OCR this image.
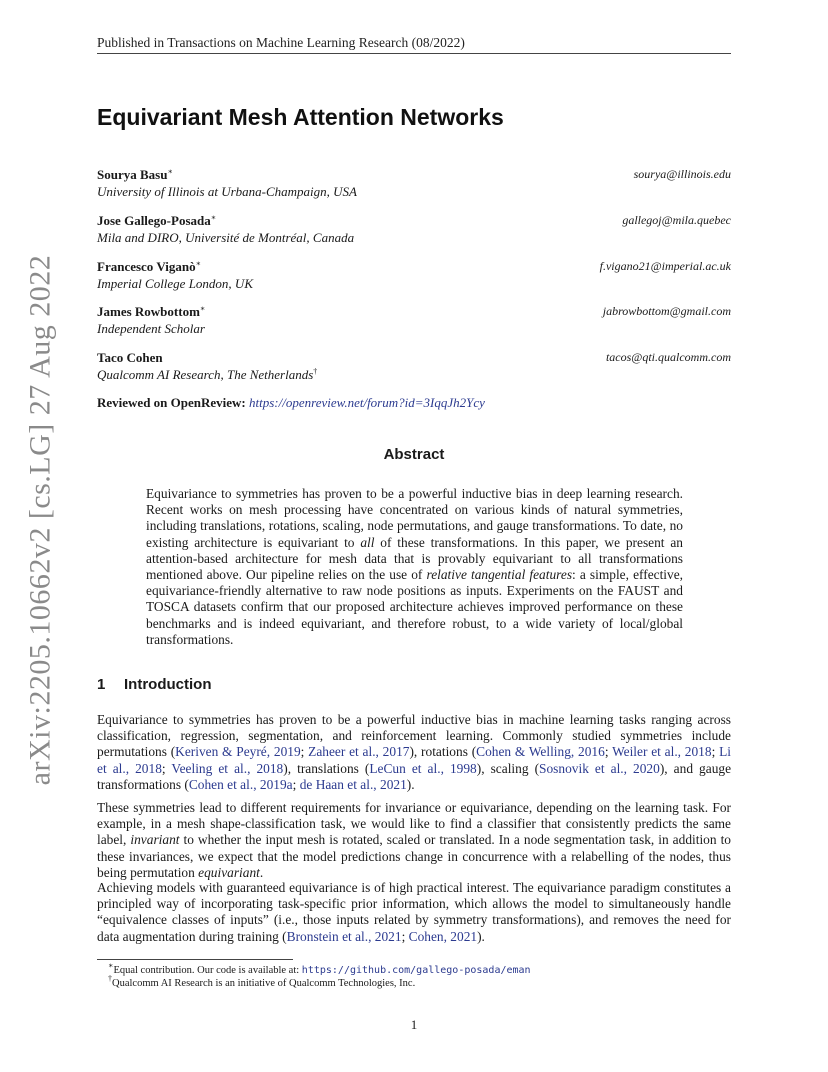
arXiv:2205.10662v2 [cs.LG] 27 Aug 2022
Published in Transactions on Machine Learning Research (08/2022)
Equivariant Mesh Attention Networks
Sourya Basu∗
University of Illinois at Urbana-Champaign, USA
sourya@illinois.edu
Jose Gallego-Posada∗
Mila and DIRO, Université de Montréal, Canada
gallegoj@mila.quebec
Francesco Viganò∗
Imperial College London, UK
f.vigano21@imperial.ac.uk
James Rowbottom∗
Independent Scholar
jabrowbottom@gmail.com
Taco Cohen
Qualcomm AI Research, The Netherlands†
tacos@qti.qualcomm.com
Reviewed on OpenReview: https://openreview.net/forum?id=3IqqJh2Ycy
Abstract

Equivariance to symmetries has proven to be a powerful inductive bias in deep learning research. Recent works on mesh processing have concentrated on various kinds of natural symmetries, including translations, rotations, scaling, node permutations, and gauge transformations. To date, no existing architecture is equivariant to all of these transformations. In this paper, we present an attention-based architecture for mesh data that is provably equivariant to all transformations mentioned above. Our pipeline relies on the use of relative tangential features: a simple, effective, equivariance-friendly alternative to raw node positions as inputs. Experiments on the FAUST and TOSCA datasets confirm that our proposed architecture achieves improved performance on these benchmarks and is indeed equivariant, and therefore robust, to a wide variety of local/global transformations.

1 Introduction

Equivariance to symmetries has proven to be a powerful inductive bias in machine learning tasks ranging across classification, regression, segmentation, and reinforcement learning. Commonly studied symmetries include permutations (Keriven & Peyré, 2019; Zaheer et al., 2017), rotations (Cohen & Welling, 2016; Weiler et al., 2018; Li et al., 2018; Veeling et al., 2018), translations (LeCun et al., 1998), scaling (Sosnovik et al., 2020), and gauge transformations (Cohen et al., 2019a; de Haan et al., 2021).

These symmetries lead to different requirements for invariance or equivariance, depending on the learning task. For example, in a mesh shape-classification task, we would like to find a classifier that consistently predicts the same label, invariant to whether the input mesh is rotated, scaled or translated. In a node segmentation task, in addition to these invariances, we expect that the model predictions change in concurrence with a relabelling of the nodes, thus being permutation equivariant.

Achieving models with guaranteed equivariance is of high practical interest. The equivariance paradigm constitutes a principled way of incorporating task-specific prior information, which allows the model to simultaneously handle “equivalence classes of inputs” (i.e., those inputs related by symmetry transformations), and removes the need for data augmentation during training (Bronstein et al., 2021; Cohen, 2021).

∗Equal contribution. Our code is available at: https://github.com/gallego-posada/eman
†Qualcomm AI Research is an initiative of Qualcomm Technologies, Inc.
1
